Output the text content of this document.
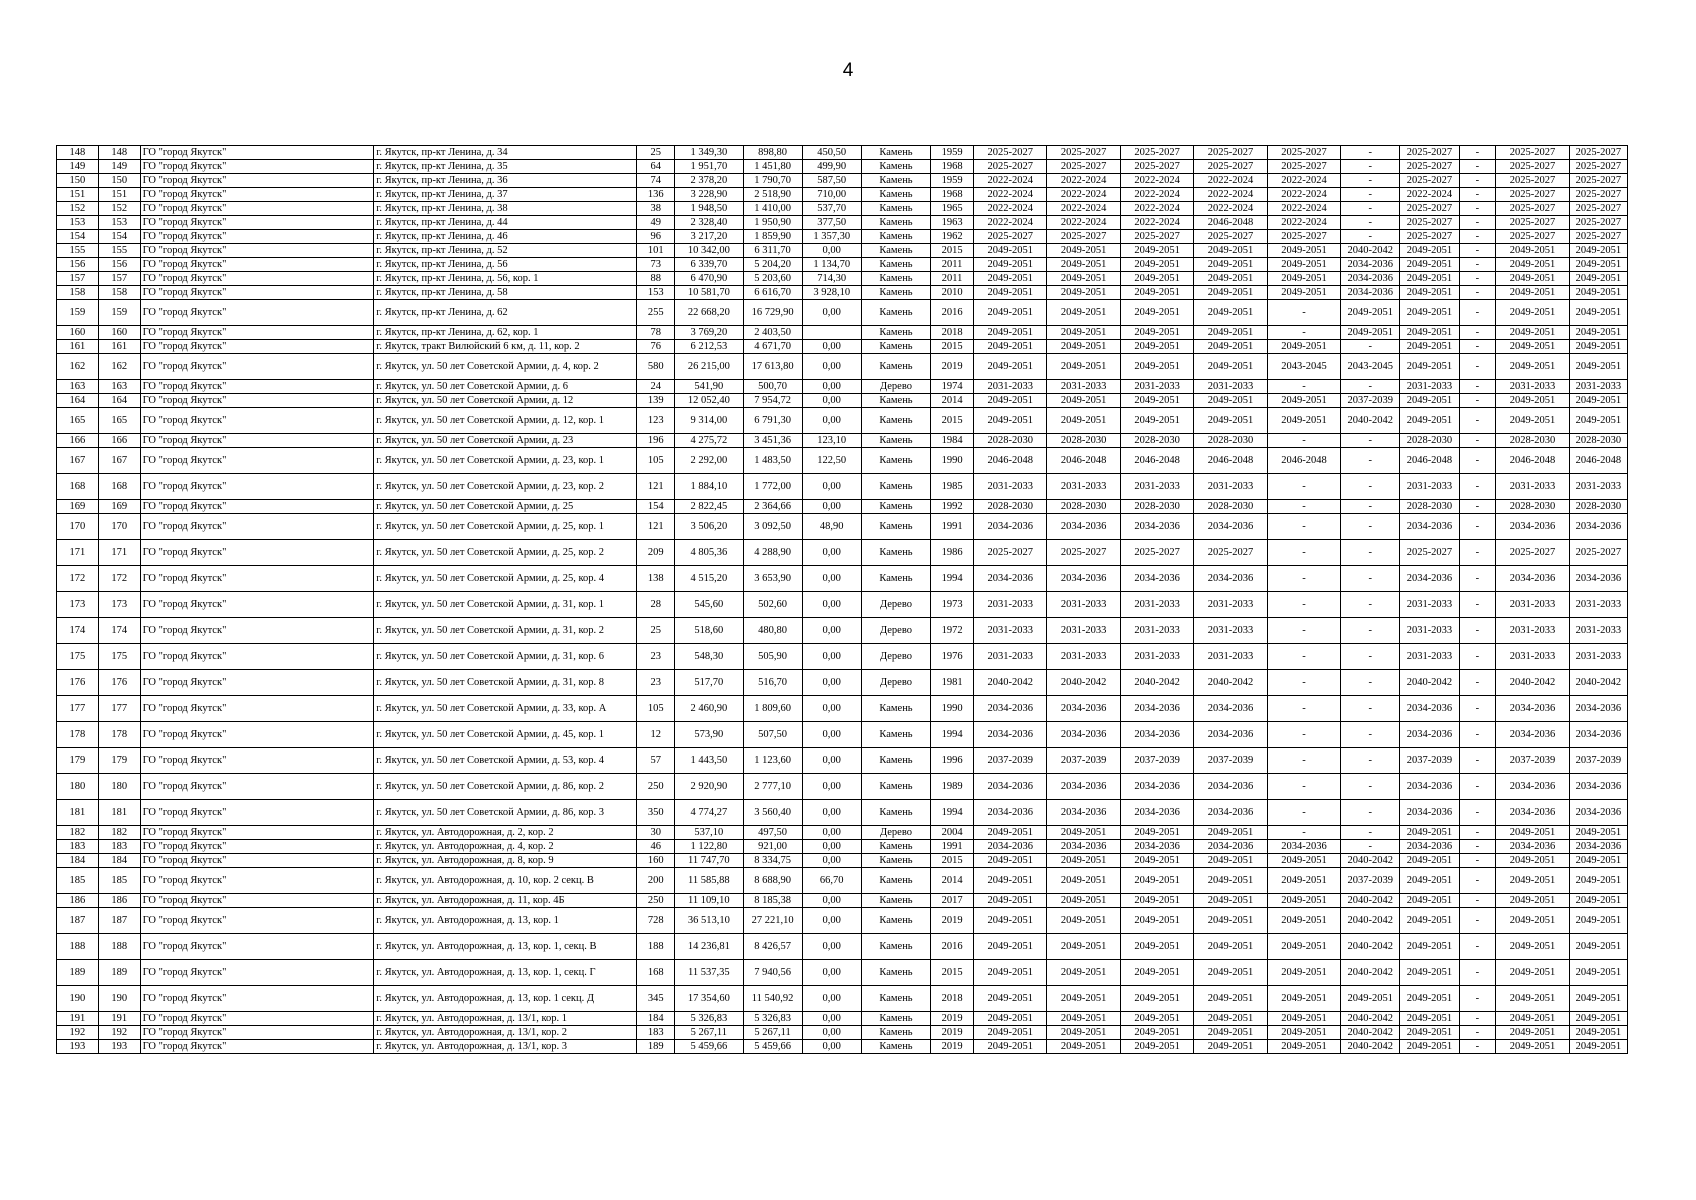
4
148	148	ГО "город Якутск"	г. Якутск, пр-кт Ленина, д. 34	25	1 349,30	898,80	450,50	Камень	1959	2025-2027	2025-2027	2025-2027	2025-2027	2025-2027	-	2025-2027	-	2025-2027	2025-2027
149	149	ГО "город Якутск"	г. Якутск, пр-кт Ленина, д. 35	64	1 951,70	1 451,80	499,90	Камень	1968	2025-2027	2025-2027	2025-2027	2025-2027	2025-2027	-	2025-2027	-	2025-2027	2025-2027
150	150	ГО "город Якутск"	г. Якутск, пр-кт Ленина, д. 36	74	2 378,20	1 790,70	587,50	Камень	1959	2022-2024	2022-2024	2022-2024	2022-2024	2022-2024	-	2025-2027	-	2025-2027	2025-2027
151	151	ГО "город Якутск"	г. Якутск, пр-кт Ленина, д. 37	136	3 228,90	2 518,90	710,00	Камень	1968	2022-2024	2022-2024	2022-2024	2022-2024	2022-2024	-	2022-2024	-	2025-2027	2025-2027
152	152	ГО "город Якутск"	г. Якутск, пр-кт Ленина, д. 38	38	1 948,50	1 410,00	537,70	Камень	1965	2022-2024	2022-2024	2022-2024	2022-2024	2022-2024	-	2025-2027	-	2025-2027	2025-2027
153	153	ГО "город Якутск"	г. Якутск, пр-кт Ленина, д. 44	49	2 328,40	1 950,90	377,50	Камень	1963	2022-2024	2022-2024	2022-2024	2046-2048	2022-2024	-	2025-2027	-	2025-2027	2025-2027
154	154	ГО "город Якутск"	г. Якутск, пр-кт Ленина, д. 46	96	3 217,20	1 859,90	1 357,30	Камень	1962	2025-2027	2025-2027	2025-2027	2025-2027	2025-2027	-	2025-2027	-	2025-2027	2025-2027
155	155	ГО "город Якутск"	г. Якутск, пр-кт Ленина, д. 52	101	10 342,00	6 311,70	0,00	Камень	2015	2049-2051	2049-2051	2049-2051	2049-2051	2049-2051	2040-2042	2049-2051	-	2049-2051	2049-2051
156	156	ГО "город Якутск"	г. Якутск, пр-кт Ленина, д. 56	73	6 339,70	5 204,20	1 134,70	Камень	2011	2049-2051	2049-2051	2049-2051	2049-2051	2049-2051	2034-2036	2049-2051	-	2049-2051	2049-2051
157	157	ГО "город Якутск"	г. Якутск, пр-кт Ленина, д. 56, кор. 1	88	6 470,90	5 203,60	714,30	Камень	2011	2049-2051	2049-2051	2049-2051	2049-2051	2049-2051	2034-2036	2049-2051	-	2049-2051	2049-2051
158	158	ГО "город Якутск"	г. Якутск, пр-кт Ленина, д. 58	153	10 581,70	6 616,70	3 928,10	Камень	2010	2049-2051	2049-2051	2049-2051	2049-2051	2049-2051	2034-2036	2049-2051	-	2049-2051	2049-2051
159	159	ГО "город Якутск"	г. Якутск, пр-кт Ленина, д. 62	255	22 668,20	16 729,90	0,00	Камень	2016	2049-2051	2049-2051	2049-2051	2049-2051	-	2049-2051	2049-2051	-	2049-2051	2049-2051
160	160	ГО "город Якутск"	г. Якутск, пр-кт Ленина, д. 62, кор. 1	78	3 769,20	2 403,50		Камень	2018	2049-2051	2049-2051	2049-2051	2049-2051	-	2049-2051	2049-2051	-	2049-2051	2049-2051
161	161	ГО "город Якутск"	г. Якутск, тракт Вилюйский 6 км, д. 11, кор. 2	76	6 212,53	4 671,70	0,00	Камень	2015	2049-2051	2049-2051	2049-2051	2049-2051	2049-2051	-	2049-2051	-	2049-2051	2049-2051
162	162	ГО "город Якутск"	г. Якутск, ул. 50 лет Советской Армии, д. 4, кор. 2	580	26 215,00	17 613,80	0,00	Камень	2019	2049-2051	2049-2051	2049-2051	2049-2051	2043-2045	2043-2045	2049-2051	-	2049-2051	2049-2051
163	163	ГО "город Якутск"	г. Якутск, ул. 50 лет Советской Армии, д. 6	24	541,90	500,70	0,00	Дерево	1974	2031-2033	2031-2033	2031-2033	2031-2033	-	-	2031-2033	-	2031-2033	2031-2033
164	164	ГО "город Якутск"	г. Якутск, ул. 50 лет Советской Армии, д. 12	139	12 052,40	7 954,72	0,00	Камень	2014	2049-2051	2049-2051	2049-2051	2049-2051	2049-2051	2037-2039	2049-2051	-	2049-2051	2049-2051
165	165	ГО "город Якутск"	г. Якутск, ул. 50 лет Советской Армии, д. 12, кор. 1	123	9 314,00	6 791,30	0,00	Камень	2015	2049-2051	2049-2051	2049-2051	2049-2051	2049-2051	2040-2042	2049-2051	-	2049-2051	2049-2051
166	166	ГО "город Якутск"	г. Якутск, ул. 50 лет Советской Армии, д. 23	196	4 275,72	3 451,36	123,10	Камень	1984	2028-2030	2028-2030	2028-2030	2028-2030	-	-	2028-2030	-	2028-2030	2028-2030
167	167	ГО "город Якутск"	г. Якутск, ул. 50 лет Советской Армии, д. 23, кор. 1	105	2 292,00	1 483,50	122,50	Камень	1990	2046-2048	2046-2048	2046-2048	2046-2048	2046-2048	-	2046-2048	-	2046-2048	2046-2048
168	168	ГО "город Якутск"	г. Якутск, ул. 50 лет Советской Армии, д. 23, кор. 2	121	1 884,10	1 772,00	0,00	Камень	1985	2031-2033	2031-2033	2031-2033	2031-2033	-	-	2031-2033	-	2031-2033	2031-2033
169	169	ГО "город Якутск"	г. Якутск, ул. 50 лет Советской Армии, д. 25	154	2 822,45	2 364,66	0,00	Камень	1992	2028-2030	2028-2030	2028-2030	2028-2030	-	-	2028-2030	-	2028-2030	2028-2030
170	170	ГО "город Якутск"	г. Якутск, ул. 50 лет Советской Армии, д. 25, кор. 1	121	3 506,20	3 092,50	48,90	Камень	1991	2034-2036	2034-2036	2034-2036	2034-2036	-	-	2034-2036	-	2034-2036	2034-2036
171	171	ГО "город Якутск"	г. Якутск, ул. 50 лет Советской Армии, д. 25, кор. 2	209	4 805,36	4 288,90	0,00	Камень	1986	2025-2027	2025-2027	2025-2027	2025-2027	-	-	2025-2027	-	2025-2027	2025-2027
172	172	ГО "город Якутск"	г. Якутск, ул. 50 лет Советской Армии, д. 25, кор. 4	138	4 515,20	3 653,90	0,00	Камень	1994	2034-2036	2034-2036	2034-2036	2034-2036	-	-	2034-2036	-	2034-2036	2034-2036
173	173	ГО "город Якутск"	г. Якутск, ул. 50 лет Советской Армии, д. 31, кор. 1	28	545,60	502,60	0,00	Дерево	1973	2031-2033	2031-2033	2031-2033	2031-2033	-	-	2031-2033	-	2031-2033	2031-2033
174	174	ГО "город Якутск"	г. Якутск, ул. 50 лет Советской Армии, д. 31, кор. 2	25	518,60	480,80	0,00	Дерево	1972	2031-2033	2031-2033	2031-2033	2031-2033	-	-	2031-2033	-	2031-2033	2031-2033
175	175	ГО "город Якутск"	г. Якутск, ул. 50 лет Советской Армии, д. 31, кор. 6	23	548,30	505,90	0,00	Дерево	1976	2031-2033	2031-2033	2031-2033	2031-2033	-	-	2031-2033	-	2031-2033	2031-2033
176	176	ГО "город Якутск"	г. Якутск, ул. 50 лет Советской Армии, д. 31, кор. 8	23	517,70	516,70	0,00	Дерево	1981	2040-2042	2040-2042	2040-2042	2040-2042	-	-	2040-2042	-	2040-2042	2040-2042
177	177	ГО "город Якутск"	г. Якутск, ул. 50 лет Советской Армии, д. 33, кор. А	105	2 460,90	1 809,60	0,00	Камень	1990	2034-2036	2034-2036	2034-2036	2034-2036	-	-	2034-2036	-	2034-2036	2034-2036
178	178	ГО "город Якутск"	г. Якутск, ул. 50 лет Советской Армии, д. 45, кор. 1	12	573,90	507,50	0,00	Камень	1994	2034-2036	2034-2036	2034-2036	2034-2036	-	-	2034-2036	-	2034-2036	2034-2036
179	179	ГО "город Якутск"	г. Якутск, ул. 50 лет Советской Армии, д. 53, кор. 4	57	1 443,50	1 123,60	0,00	Камень	1996	2037-2039	2037-2039	2037-2039	2037-2039	-	-	2037-2039	-	2037-2039	2037-2039
180	180	ГО "город Якутск"	г. Якутск, ул. 50 лет Советской Армии, д. 86, кор. 2	250	2 920,90	2 777,10	0,00	Камень	1989	2034-2036	2034-2036	2034-2036	2034-2036	-	-	2034-2036	-	2034-2036	2034-2036
181	181	ГО "город Якутск"	г. Якутск, ул. 50 лет Советской Армии, д. 86, кор. 3	350	4 774,27	3 560,40	0,00	Камень	1994	2034-2036	2034-2036	2034-2036	2034-2036	-	-	2034-2036	-	2034-2036	2034-2036
182	182	ГО "город Якутск"	г. Якутск, ул. Автодорожная, д. 2, кор. 2	30	537,10	497,50	0,00	Дерево	2004	2049-2051	2049-2051	2049-2051	2049-2051	-	-	2049-2051	-	2049-2051	2049-2051
183	183	ГО "город Якутск"	г. Якутск, ул. Автодорожная, д. 4, кор. 2	46	1 122,80	921,00	0,00	Камень	1991	2034-2036	2034-2036	2034-2036	2034-2036	2034-2036	-	2034-2036	-	2034-2036	2034-2036
184	184	ГО "город Якутск"	г. Якутск, ул. Автодорожная, д. 8, кор. 9	160	11 747,70	8 334,75	0,00	Камень	2015	2049-2051	2049-2051	2049-2051	2049-2051	2049-2051	2040-2042	2049-2051	-	2049-2051	2049-2051
185	185	ГО "город Якутск"	г. Якутск, ул. Автодорожная, д. 10, кор. 2 секц. В	200	11 585,88	8 688,90	66,70	Камень	2014	2049-2051	2049-2051	2049-2051	2049-2051	2049-2051	2037-2039	2049-2051	-	2049-2051	2049-2051
186	186	ГО "город Якутск"	г. Якутск, ул. Автодорожная, д. 11, кор. 4Б	250	11 109,10	8 185,38	0,00	Камень	2017	2049-2051	2049-2051	2049-2051	2049-2051	2049-2051	2040-2042	2049-2051	-	2049-2051	2049-2051
187	187	ГО "город Якутск"	г. Якутск, ул. Автодорожная, д. 13, кор. 1	728	36 513,10	27 221,10	0,00	Камень	2019	2049-2051	2049-2051	2049-2051	2049-2051	2049-2051	2040-2042	2049-2051	-	2049-2051	2049-2051
188	188	ГО "город Якутск"	г. Якутск, ул. Автодорожная, д. 13, кор. 1, секц. В	188	14 236,81	8 426,57	0,00	Камень	2016	2049-2051	2049-2051	2049-2051	2049-2051	2049-2051	2040-2042	2049-2051	-	2049-2051	2049-2051
189	189	ГО "город Якутск"	г. Якутск, ул. Автодорожная, д. 13, кор. 1, секц. Г	168	11 537,35	7 940,56	0,00	Камень	2015	2049-2051	2049-2051	2049-2051	2049-2051	2049-2051	2040-2042	2049-2051	-	2049-2051	2049-2051
190	190	ГО "город Якутск"	г. Якутск, ул. Автодорожная, д. 13, кор. 1 секц. Д	345	17 354,60	11 540,92	0,00	Камень	2018	2049-2051	2049-2051	2049-2051	2049-2051	2049-2051	2049-2051	2049-2051	-	2049-2051	2049-2051
191	191	ГО "город Якутск"	г. Якутск, ул. Автодорожная, д. 13/1, кор. 1	184	5 326,83	5 326,83	0,00	Камень	2019	2049-2051	2049-2051	2049-2051	2049-2051	2049-2051	2040-2042	2049-2051	-	2049-2051	2049-2051
192	192	ГО "город Якутск"	г. Якутск, ул. Автодорожная, д. 13/1, кор. 2	183	5 267,11	5 267,11	0,00	Камень	2019	2049-2051	2049-2051	2049-2051	2049-2051	2049-2051	2040-2042	2049-2051	-	2049-2051	2049-2051
193	193	ГО "город Якутск"	г. Якутск, ул. Автодорожная, д. 13/1, кор. 3	189	5 459,66	5 459,66	0,00	Камень	2019	2049-2051	2049-2051	2049-2051	2049-2051	2049-2051	2040-2042	2049-2051	-	2049-2051	2049-2051
